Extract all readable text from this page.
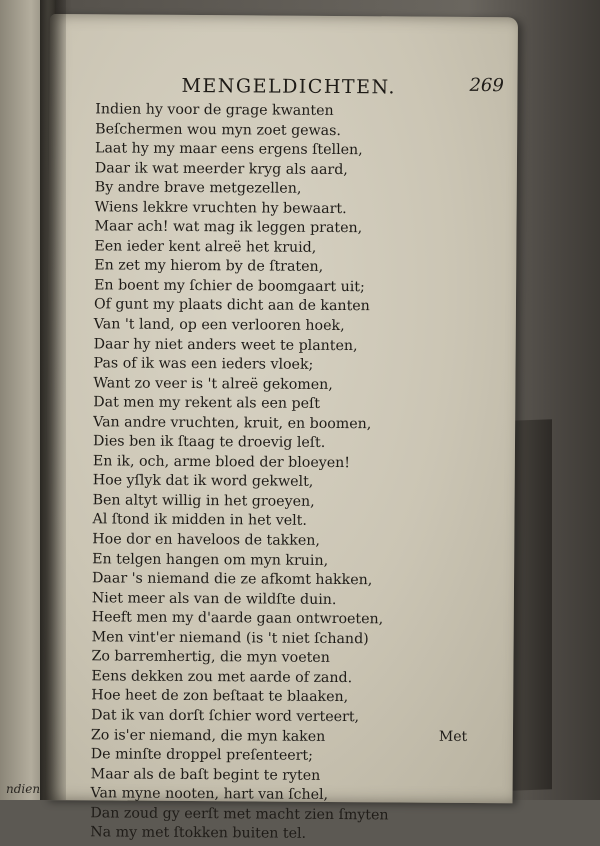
ndien
MENGELDICHTEN.	269
Indien hy voor de grage kwanten
Beſchermen wou myn zoet gewas.
Laat hy my maar eens ergens ſtellen,
Daar ik wat meerder kryg als aard,
By andre brave metgezellen,
Wiens lekkre vruchten hy bewaart.
Maar ach! wat mag ik leggen praten,
Een ieder kent alreë het kruid,
En zet my hierom by de ſtraten,
En boent my ſchier de boomgaart uit;
Of gunt my plaats dicht aan de kanten
Van 't land, op een verlooren hoek,
Daar hy niet anders weet te planten,
Pas of ik was een ieders vloek;
Want zo veer is 't alreë gekomen,
Dat men my rekent als een peſt
Van andre vruchten, kruit, en boomen,
Dies ben ik ſtaag te droevig leſt.
En ik, och, arme bloed der bloeyen!
Hoe yſlyk dat ik word gekwelt,
Ben altyt willig in het groeyen,
Al ſtond ik midden in het velt.
Hoe dor en haveloos de takken,
En telgen hangen om myn kruin,
Daar 's niemand die ze afkomt hakken,
Niet meer als van de wildſte duin.
Heeft men my d'aarde gaan ontwroeten,
Men vint'er niemand (is 't niet ſchand)
Zo barremhertig, die myn voeten
Eens dekken zou met aarde of zand.
Hoe heet de zon beſtaat te blaaken,
Dat ik van dorſt ſchier word verteert,
Zo is'er niemand, die myn kaken
De minſte droppel preſenteert;
Maar als de baſt begint te ryten
Van myne nooten, hart van ſchel,
Dan zoud gy eerſt met macht zien ſmyten
Na my met ſtokken buiten tel.
Met
